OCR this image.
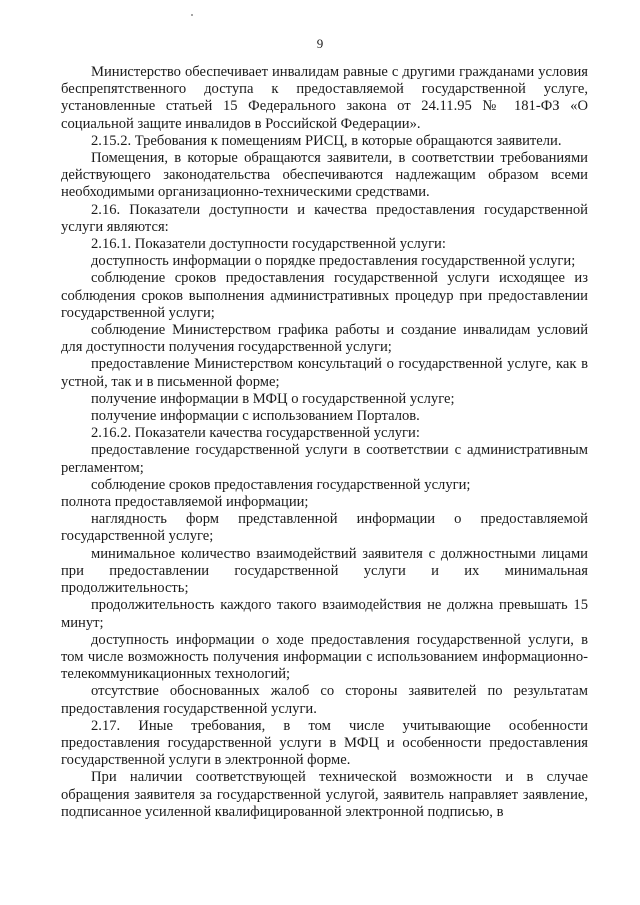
9

Министерство обеспечивает инвалидам равные с другими гражданами условия беспрепятственного доступа к предоставляемой государственной услуге, установленные статьей 15 Федерального закона от 24.11.95 № 181-ФЗ «О социальной защите инвалидов в Российской Федерации».

2.15.2. Требования к помещениям РИСЦ, в которые обращаются заявители.

Помещения, в которые обращаются заявители, в соответствии требованиями действующего законодательства обеспечиваются надлежащим образом всеми необходимыми организационно-техническими средствами.

2.16. Показатели доступности и качества предоставления государственной услуги являются:

2.16.1. Показатели доступности государственной услуги:

доступность информации о порядке предоставления государственной услуги;

соблюдение сроков предоставления государственной услуги исходящее из соблюдения сроков выполнения административных процедур при предоставлении государственной услуги;

соблюдение Министерством графика работы и создание инвалидам условий для доступности получения государственной услуги;

предоставление Министерством консультаций о государственной услуге, как в устной, так и в письменной форме;

получение информации в МФЦ о государственной услуге;

получение информации с использованием Порталов.

2.16.2. Показатели качества государственной услуги:

предоставление государственной услуги в соответствии с административным регламентом;

соблюдение сроков предоставления государственной услуги;

полнота предоставляемой информации;

наглядность форм представленной информации о предоставляемой государственной услуге;

минимальное количество взаимодействий заявителя с должностными лицами при предоставлении государственной услуги и их минимальная продолжительность;

продолжительность каждого такого взаимодействия не должна превышать 15 минут;

доступность информации о ходе предоставления государственной услуги, в том числе возможность получения информации с использованием информационно-телекоммуникационных технологий;

отсутствие обоснованных жалоб со стороны заявителей по результатам предоставления государственной услуги.

2.17. Иные требования, в том числе учитывающие особенности предоставления государственной услуги в МФЦ и особенности предоставления государственной услуги в электронной форме.

При наличии соответствующей технической возможности и в случае обращения заявителя за государственной услугой, заявитель направляет заявление, подписанное усиленной квалифицированной электронной подписью, в
